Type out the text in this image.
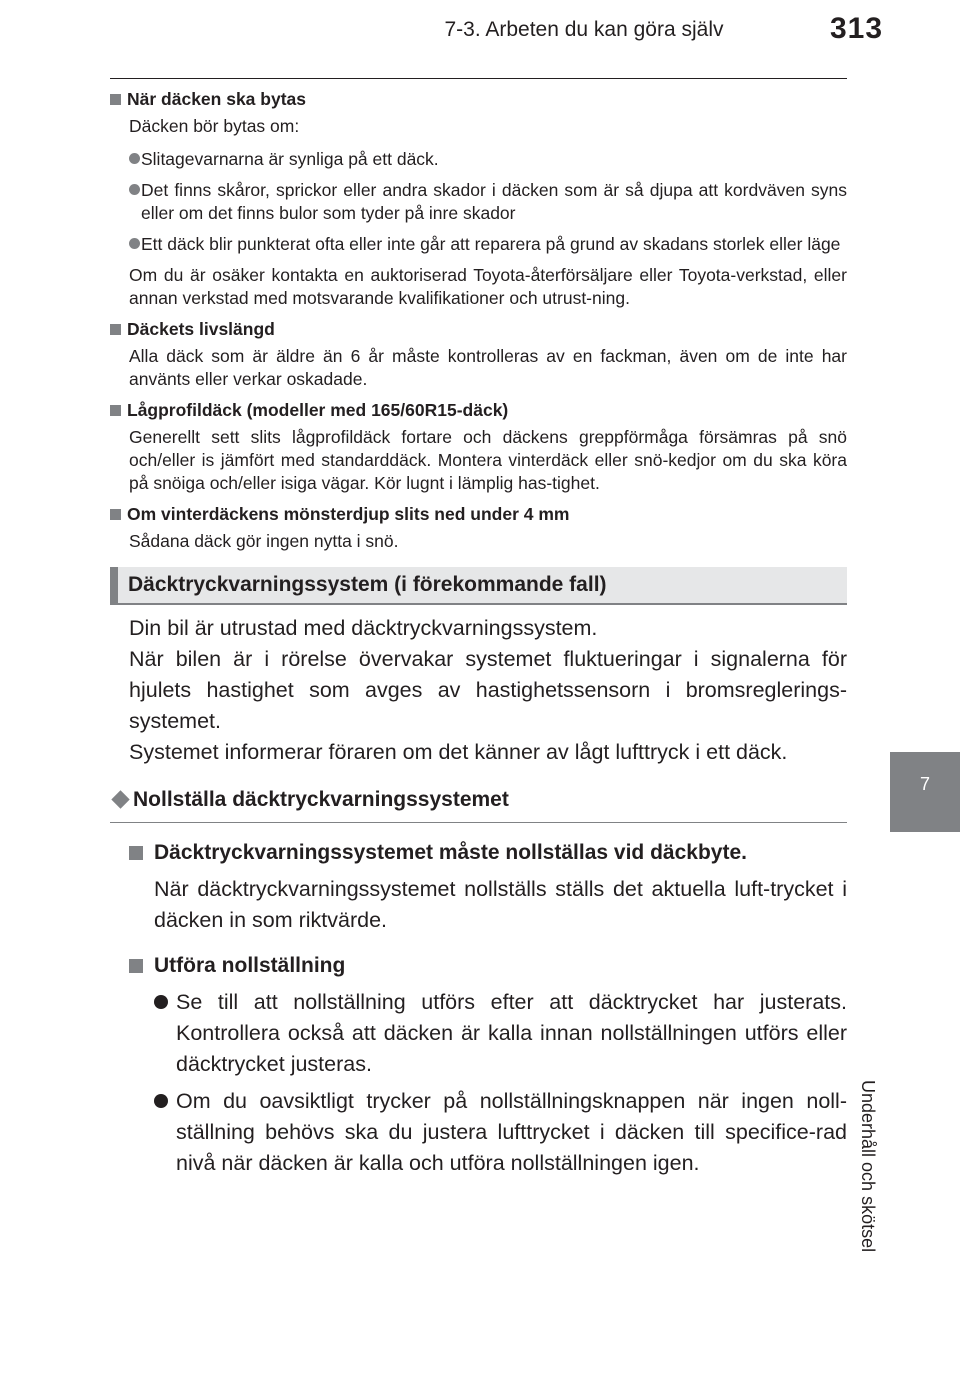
7-3. Arbeten du kan göra själv	313
7
Underhåll och skötsel
När däcken ska bytas
Däcken bör bytas om:
Slitagevarnarna är synliga på ett däck.
Det finns skåror, sprickor eller andra skador i däcken som är så djupa att kordväven syns eller om det finns bulor som tyder på inre skador
Ett däck blir punkterat ofta eller inte går att reparera på grund av skadans storlek eller läge
Om du är osäker kontakta en auktoriserad Toyota-återförsäljare eller Toyota-verkstad, eller annan verkstad med motsvarande kvalifikationer och utrust-ning.
Däckets livslängd
Alla däck som är äldre än 6 år måste kontrolleras av en fackman, även om de inte har använts eller verkar oskadade.
Lågprofildäck (modeller med 165/60R15-däck)
Generellt sett slits lågprofildäck fortare och däckens greppförmåga försämras på snö och/eller is jämfört med standarddäck. Montera vinterdäck eller snö-kedjor om du ska köra på snöiga och/eller isiga vägar. Kör lugnt i lämplig has-tighet.
Om vinterdäckens mönsterdjup slits ned under 4 mm
Sådana däck gör ingen nytta i snö.
Däcktryckvarningssystem (i förekommande fall)
Din bil är utrustad med däcktryckvarningssystem.
När bilen är i rörelse övervakar systemet fluktueringar i signalerna för hjulets hastighet som avges av hastighetssensorn i bromsreglerings-systemet.
Systemet informerar föraren om det känner av lågt lufttryck i ett däck.
Nollställa däcktryckvarningssystemet
Däcktryckvarningssystemet måste nollställas vid däckbyte.
När däcktryckvarningssystemet nollställs ställs det aktuella luft-trycket i däcken in som riktvärde.
Utföra nollställning
Se till att nollställning utförs efter att däcktrycket har justerats. Kontrollera också att däcken är kalla innan nollställningen utförs eller däcktrycket justeras.
Om du oavsiktligt trycker på nollställningsknappen när ingen noll-ställning behövs ska du justera lufttrycket i däcken till specifice-rad nivå när däcken är kalla och utföra nollställningen igen.
